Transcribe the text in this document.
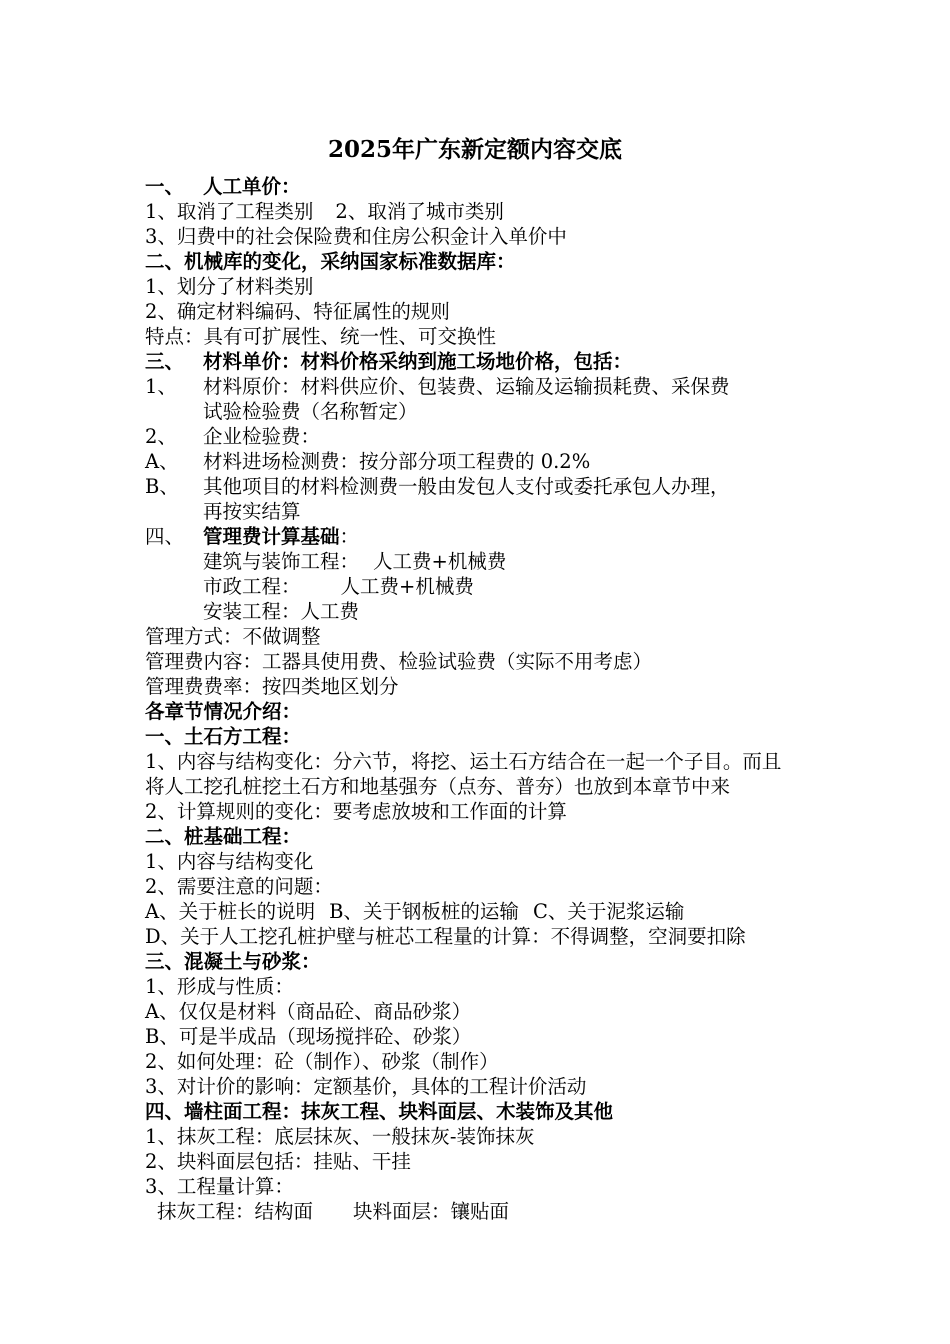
2025年广东新定额内容交底
一、 人工单价：
1、取消了工程类别 2、取消了城市类别
3、归费中的社会保险费和住房公积金计入单价中
二、机械库的变化，采纳国家标准数据库：
1、划分了材料类别
2、确定材料编码、特征属性的规则
特点：具有可扩展性、统一性、可交换性
三、 材料单价：材料价格采纳到施工场地价格，包括：
1、 材料原价：材料供应价、包装费、运输及运输损耗费、采保费
试验检验费（名称暂定）
2、 企业检验费：
A、 材料进场检测费：按分部分项工程费的 0.2%
B、 其他项目的材料检测费一般由发包人支付或委托承包人办理，
再按实结算
四、 管理费计算基础：
建筑与装饰工程： 人工费+机械费
市政工程： 人工费+机械费
安装工程：人工费
管理方式：不做调整
管理费内容：工器具使用费、检验试验费（实际不用考虑）
管理费费率：按四类地区划分
各章节情况介绍：
一、土石方工程：
1、内容与结构变化：分六节，将挖、运土石方结合在一起一个子目。而且
将人工挖孔桩挖土石方和地基强夯（点夯、普夯）也放到本章节中来
2、计算规则的变化：要考虑放坡和工作面的计算
二、桩基础工程：
1、内容与结构变化
2、需要注意的问题：
A、关于桩长的说明 B、关于钢板桩的运输 C、关于泥浆运输
D、关于人工挖孔桩护壁与桩芯工程量的计算：不得调整，空洞要扣除
三、混凝土与砂浆：
1、形成与性质：
A、仅仅是材料（商品砼、商品砂浆）
B、可是半成品（现场搅拌砼、砂浆）
2、如何处理：砼（制作）、砂浆（制作）
3、对计价的影响：定额基价，具体的工程计价活动
四、墙柱面工程：抹灰工程、块料面层、木装饰及其他
1、抹灰工程：底层抹灰、一般抹灰-装饰抹灰
2、块料面层包括：挂贴、干挂
3、工程量计算：
抹灰工程：结构面 块料面层：镶贴面
